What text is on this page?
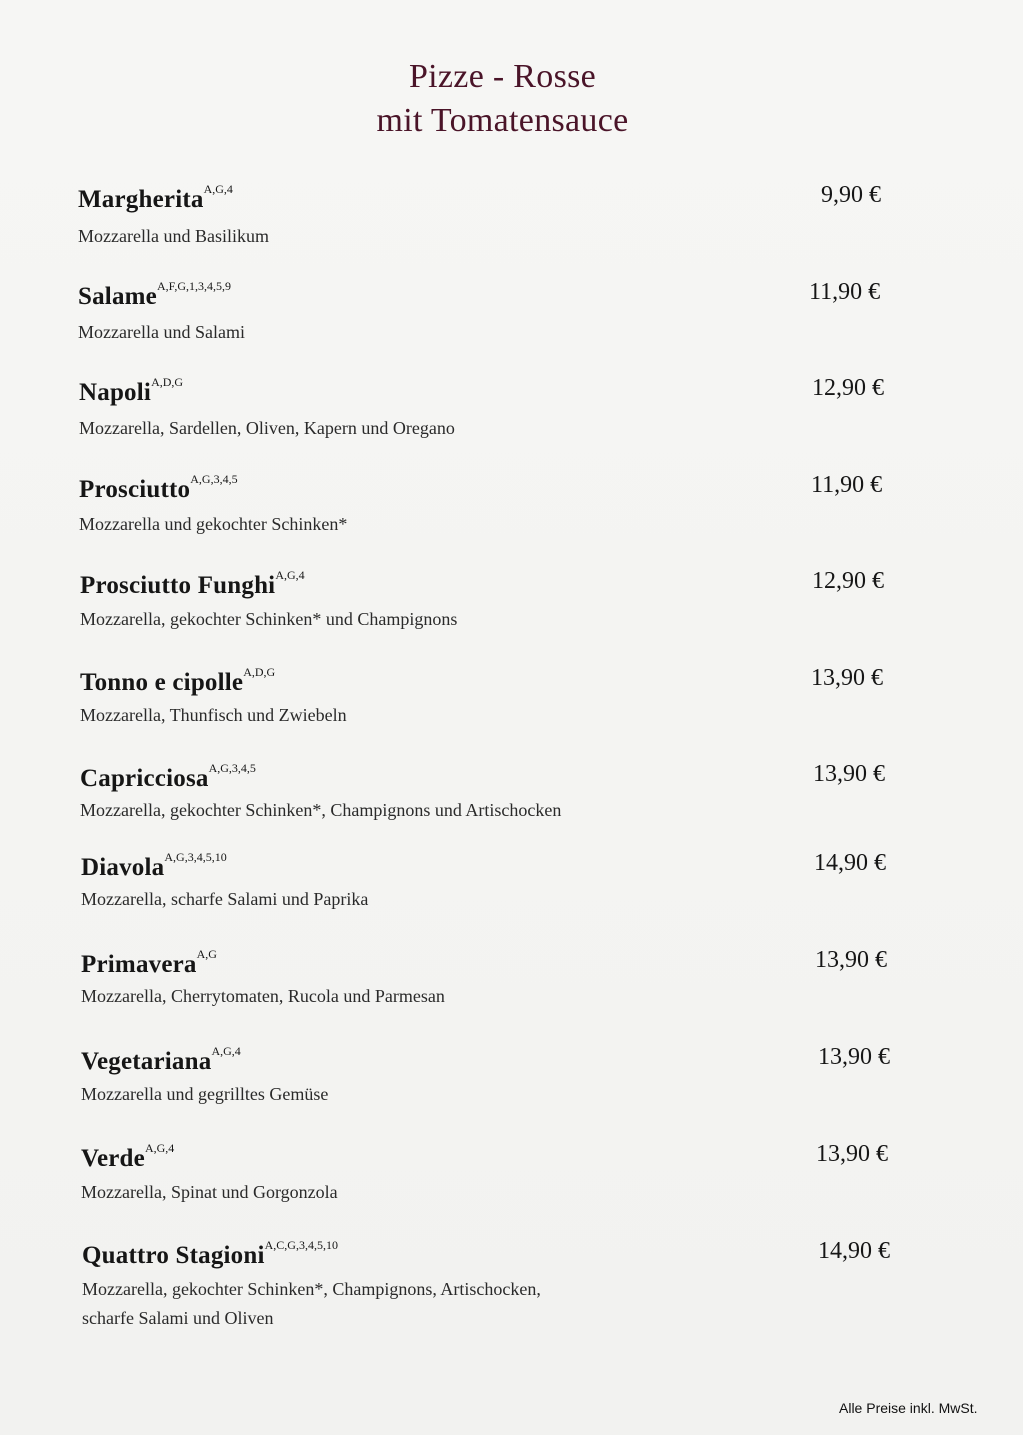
Pizze - Rosse
mit Tomatensauce
Margherita$^{A,G,4}$	9,90 €
Mozzarella und Basilikum
Salame$^{A,F,G,1,3,4,5,9}$	11,90 €
Mozzarella und Salami
Napoli$^{A,D,G}$	12,90 €
Mozzarella, Sardellen, Oliven, Kapern und Oregano
Prosciutto$^{A,G,3,4,5}$	11,90 €
Mozzarella und gekochter Schinken*
Prosciutto Funghi$^{A,G,4}$	12,90 €
Mozzarella, gekochter Schinken* und Champignons
Tonno e cipolle$^{A,D,G}$	13,90 €
Mozzarella, Thunfisch und Zwiebeln
Capricciosa$^{A,G,3,4,5}$	13,90 €
Mozzarella, gekochter Schinken*, Champignons und Artischocken
Diavola$^{A,G,3,4,5,10}$	14,90 €
Mozzarella, scharfe Salami und Paprika
Primavera$^{A,G}$	13,90 €
Mozzarella, Cherrytomaten, Rucola und Parmesan
Vegetariana$^{A,G,4}$	13,90 €
Mozzarella und gegrilltes Gemüse
Verde$^{A,G,4}$	13,90 €
Mozzarella, Spinat und Gorgonzola
Quattro Stagioni$^{A,C,G,3,4,5,10}$	14,90 €
Mozzarella, gekochter Schinken*, Champignons, Artischocken,
scharfe Salami und Oliven
Alle Preise inkl. MwSt.
